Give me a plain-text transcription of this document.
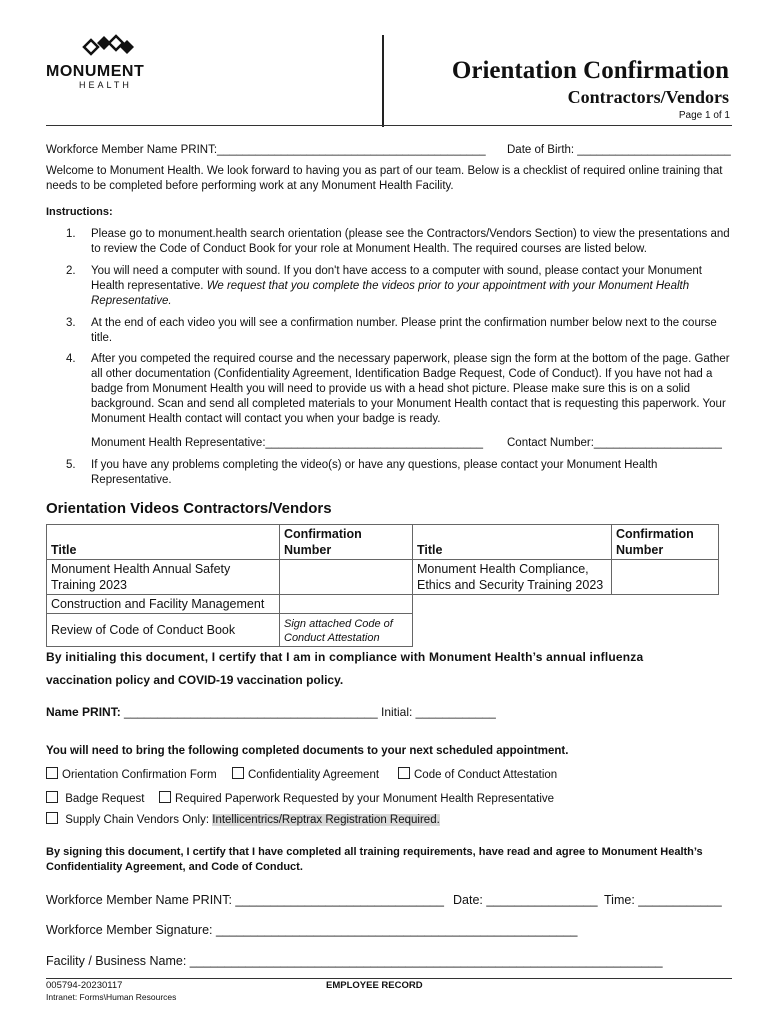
MONUMENT
HEALTH
Orientation Confirmation
Contractors/Vendors
Page 1 of 1
Workforce Member Name PRINT:__________________________________________ Date of Birth: ________________________
Welcome to Monument Health. We look forward to having you as part of our team. Below is a checklist of required online training that needs to be completed before performing work at any Monument Health Facility.
Instructions:
1. Please go to monument.health search orientation (please see the Contractors/Vendors Section) to view the presentations and to review the Code of Conduct Book for your role at Monument Health. The required courses are listed below.
2. You will need a computer with sound. If you don't have access to a computer with sound, please contact your Monument Health representative. We request that you complete the videos prior to your appointment with your Monument Health Representative.
3. At the end of each video you will see a confirmation number. Please print the confirmation number below next to the course title.
4. After you competed the required course and the necessary paperwork, please sign the form at the bottom of the page. Gather all other documentation (Confidentiality Agreement, Identification Badge Request, Code of Conduct). If you have not had a badge from Monument Health you will need to provide us with a head shot picture. Please make sure this is on a solid background. Scan and send all completed materials to your Monument Health contact that is requesting this paperwork. Your Monument Health contact will contact you when your badge is ready.
5. If you have any problems completing the video(s) or have any questions, please contact your Monument Health Representative.
Monument Health Representative:__________________________________ Contact Number:____________________
Orientation Videos Contractors/Vendors
Title	Confirmation Number	Title	Confirmation Number
Monument Health Annual Safety Training 2023		Monument Health Compliance, Ethics and Security Training 2023	
Construction and Facility Management			
Review of Code of Conduct Book	Sign attached Code of Conduct Attestation		
By initialing this document, I certify that I am in compliance with Monument Health’s annual influenza
vaccination policy and COVID-19 vaccination policy.
Name PRINT: ______________________________________ Initial: ____________
You will need to bring the following completed documents to your next scheduled appointment.
Orientation Confirmation Form	Confidentiality Agreement	Code of Conduct Attestation
Badge Request	Required Paperwork Requested by your Monument Health Representative
Supply Chain Vendors Only: Intellicentrics/Reptrax Registration Required.
By signing this document, I certify that I have completed all training requirements, have read and agree to Monument Health’s Confidentiality Agreement, and Code of Conduct.
Workforce Member Name PRINT: ______________________________ Date: ________________ Time: ____________
Workforce Member Signature: ____________________________________________________
Facility / Business Name: ____________________________________________________________________
005794-20230117
Intranet: Forms\Human Resources
EMPLOYEE RECORD
